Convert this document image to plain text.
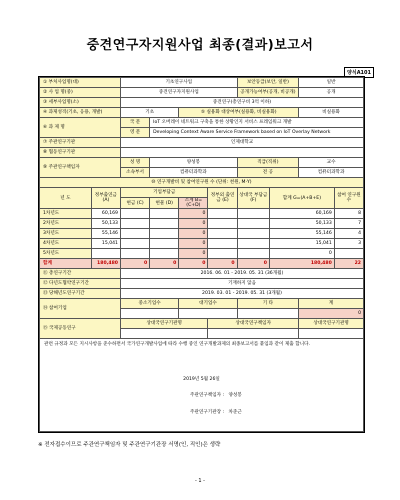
중견연구자지원사업 최종(결과)보고서
양식A101
① 부처사업명(대)		기초연구사업				보안등급(보안, 일반)		일반	
② 사 업 명(중)		중견연구자지원사업				공개가능여부(공개, 비공개)		공개	
③ 세부사업명(소)		중견연구(총연구비 3억 이하)							
④ 과제성격(기초, 응용, 개발)		기초		⑤ 실용화 대상여부(실용화, 비실용화)				비실용화	
⑥ 과 제 명		국 문	IoT 오버레이 네트워크 구축을 통한 상황인지 서비스 프레임워크 개발						
		영 문	Developing Context Aware Service Framework based on IoT Overlay Network						
⑦ 주관연구기관		인제대학교							
⑧ 협동연구기관									
⑨ 주관연구책임자		성 명	양성봉			직급(직위)		교수	
		소속부서	컴퓨터과학과			전 공		컴퓨터과학과	
⑩ 연구개발비 및 참여연구원 수 (단위: 천원, M·Y)									
년 도	정부출연금 (A)	기업부담금			정부외 출연금 (E)	상대국 부담금 (F)	합계 G=(A+B+E)		참여 연구원수
		현금 (C)	현물 (D)	소계 B=(C+D)					
1차년도	60,169			0			60,169		8
2차년도	50,133			0			50,133		7
3차년도	55,146			0			55,146		4
4차년도	15,041			0			15,041		3
5차년도				0			0		
합계	180,480	0	0	0	0	0	180,480		22
⑪ 총연구기간		2016. 06. 01 - 2019. 05. 31 (36개월)							
⑫ 다년도협약연구기간		기재하지 않음							
⑬ 당해년도연구기간		2019. 03. 01 - 2019. 05. 31 (3개월)							
⑭ 참여기업		중소기업수		대기업수		기 타		계	
								0	
⑮ 국제공동연구		상대국연구기관명			상대국연구책임자			상대국연구기관명	

관련 규정과 모든 지시사항을 준수하면서 국가연구개발사업에 따라 수행 중인 연구개발과제의 최종보고서를 붙임과 같이 제출 합니다.
2019년 5월 26일
주관연구책임자 : 양성봉
주관연구기관장 : 차준근									
※ 전자접수이므로 주관연구책임자 및 주관연구기관장 서명(인, 직인)은 생략
- 1 -
